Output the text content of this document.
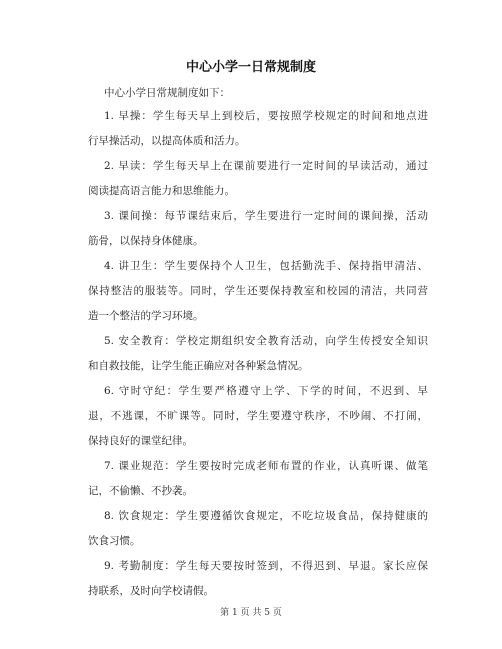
中心小学一日常规制度
中心小学日常规制度如下：
1. 早操：学生每天早上到校后，要按照学校规定的时间和地点进
行早操活动，以提高体质和活力。
2. 早读：学生每天早上在课前要进行一定时间的早读活动，通过
阅读提高语言能力和思维能力。
3. 课间操：每节课结束后，学生要进行一定时间的课间操，活动
筋骨，以保持身体健康。
4. 讲卫生：学生要保持个人卫生，包括勤洗手、保持指甲清洁、
保持整洁的服装等。同时，学生还要保持教室和校园的清洁，共同营
造一个整洁的学习环境。
5. 安全教育：学校定期组织安全教育活动，向学生传授安全知识
和自救技能，让学生能正确应对各种紧急情况。
6. 守时守纪：学生要严格遵守上学、下学的时间，不迟到、早
退，不逃课，不旷课等。同时，学生要遵守秩序，不吵闹、不打闹，
保持良好的课堂纪律。
7. 课业规范：学生要按时完成老师布置的作业，认真听课、做笔
记，不偷懒、不抄袭。
8. 饮食规定：学生要遵循饮食规定，不吃垃圾食品，保持健康的
饮食习惯。
9. 考勤制度：学生每天要按时签到，不得迟到、早退。家长应保
持联系，及时向学校请假。
第 1 页 共 5 页
